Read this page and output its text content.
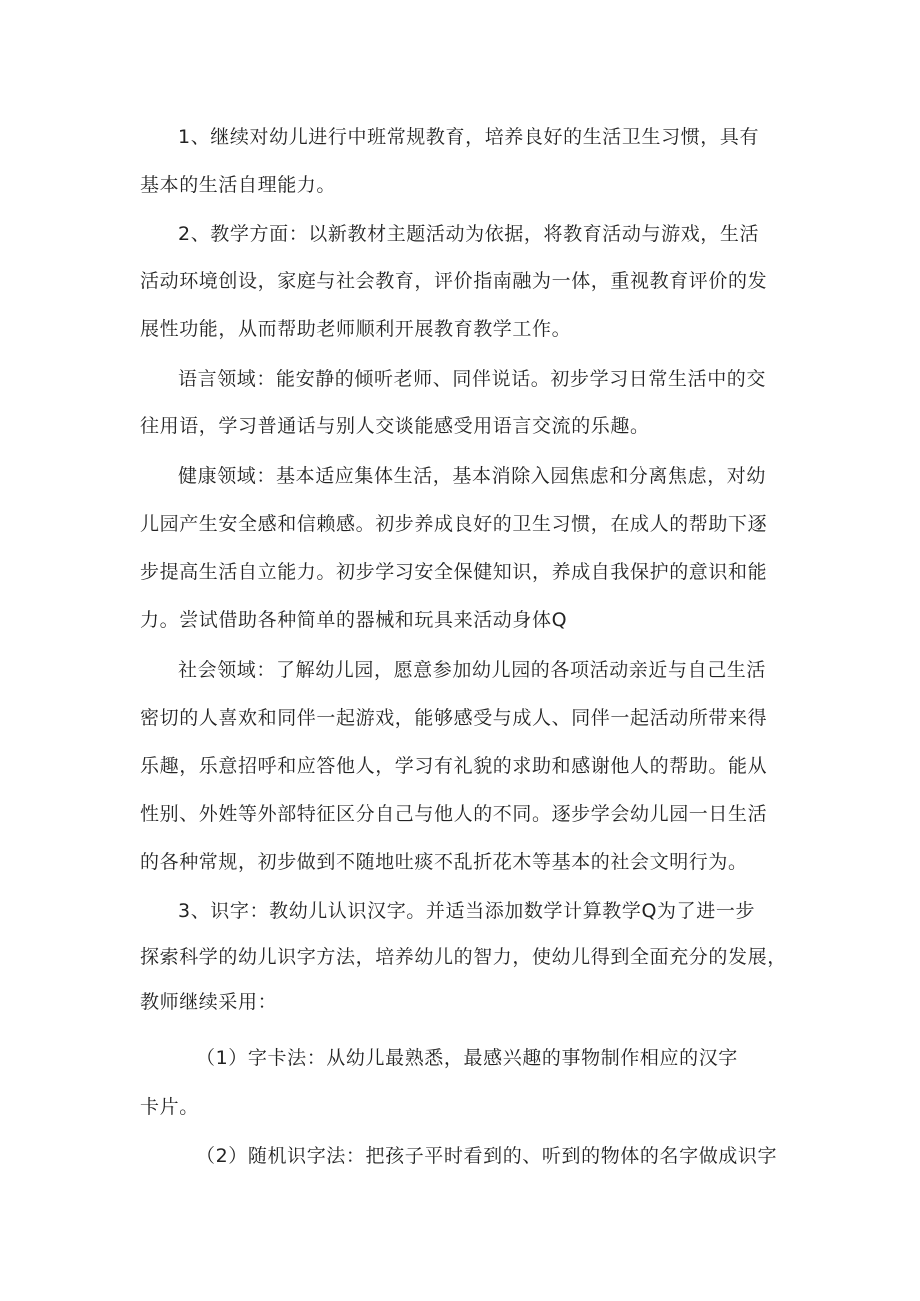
1、继续对幼儿进行中班常规教育，培养良好的生活卫生习惯，具有
基本的生活自理能力。
2、教学方面：以新教材主题活动为依据，将教育活动与游戏，生活
活动环境创设，家庭与社会教育，评价指南融为一体，重视教育评价的发
展性功能，从而帮助老师顺利开展教育教学工作。
语言领域：能安静的倾听老师、同伴说话。初步学习日常生活中的交
往用语，学习普通话与别人交谈能感受用语言交流的乐趣。
健康领域：基本适应集体生活，基本消除入园焦虑和分离焦虑，对幼
儿园产生安全感和信赖感。初步养成良好的卫生习惯，在成人的帮助下逐
步提高生活自立能力。初步学习安全保健知识，养成自我保护的意识和能
力。尝试借助各种简单的器械和玩具来活动身体Q
社会领域：了解幼儿园，愿意参加幼儿园的各项活动亲近与自己生活
密切的人喜欢和同伴一起游戏，能够感受与成人、同伴一起活动所带来得
乐趣，乐意招呼和应答他人，学习有礼貌的求助和感谢他人的帮助。能从
性别、外姓等外部特征区分自己与他人的不同。逐步学会幼儿园一日生活
的各种常规，初步做到不随地吐痰不乱折花木等基本的社会文明行为。
3、识字：教幼儿认识汉字。并适当添加数学计算教学Q为了进一步
探索科学的幼儿识字方法，培养幼儿的智力，使幼儿得到全面充分的发展，
教师继续采用：
（1）字卡法：从幼儿最熟悉，最感兴趣的事物制作相应的汉字
卡片。
（2）随机识字法：把孩子平时看到的、听到的物体的名字做成识字
